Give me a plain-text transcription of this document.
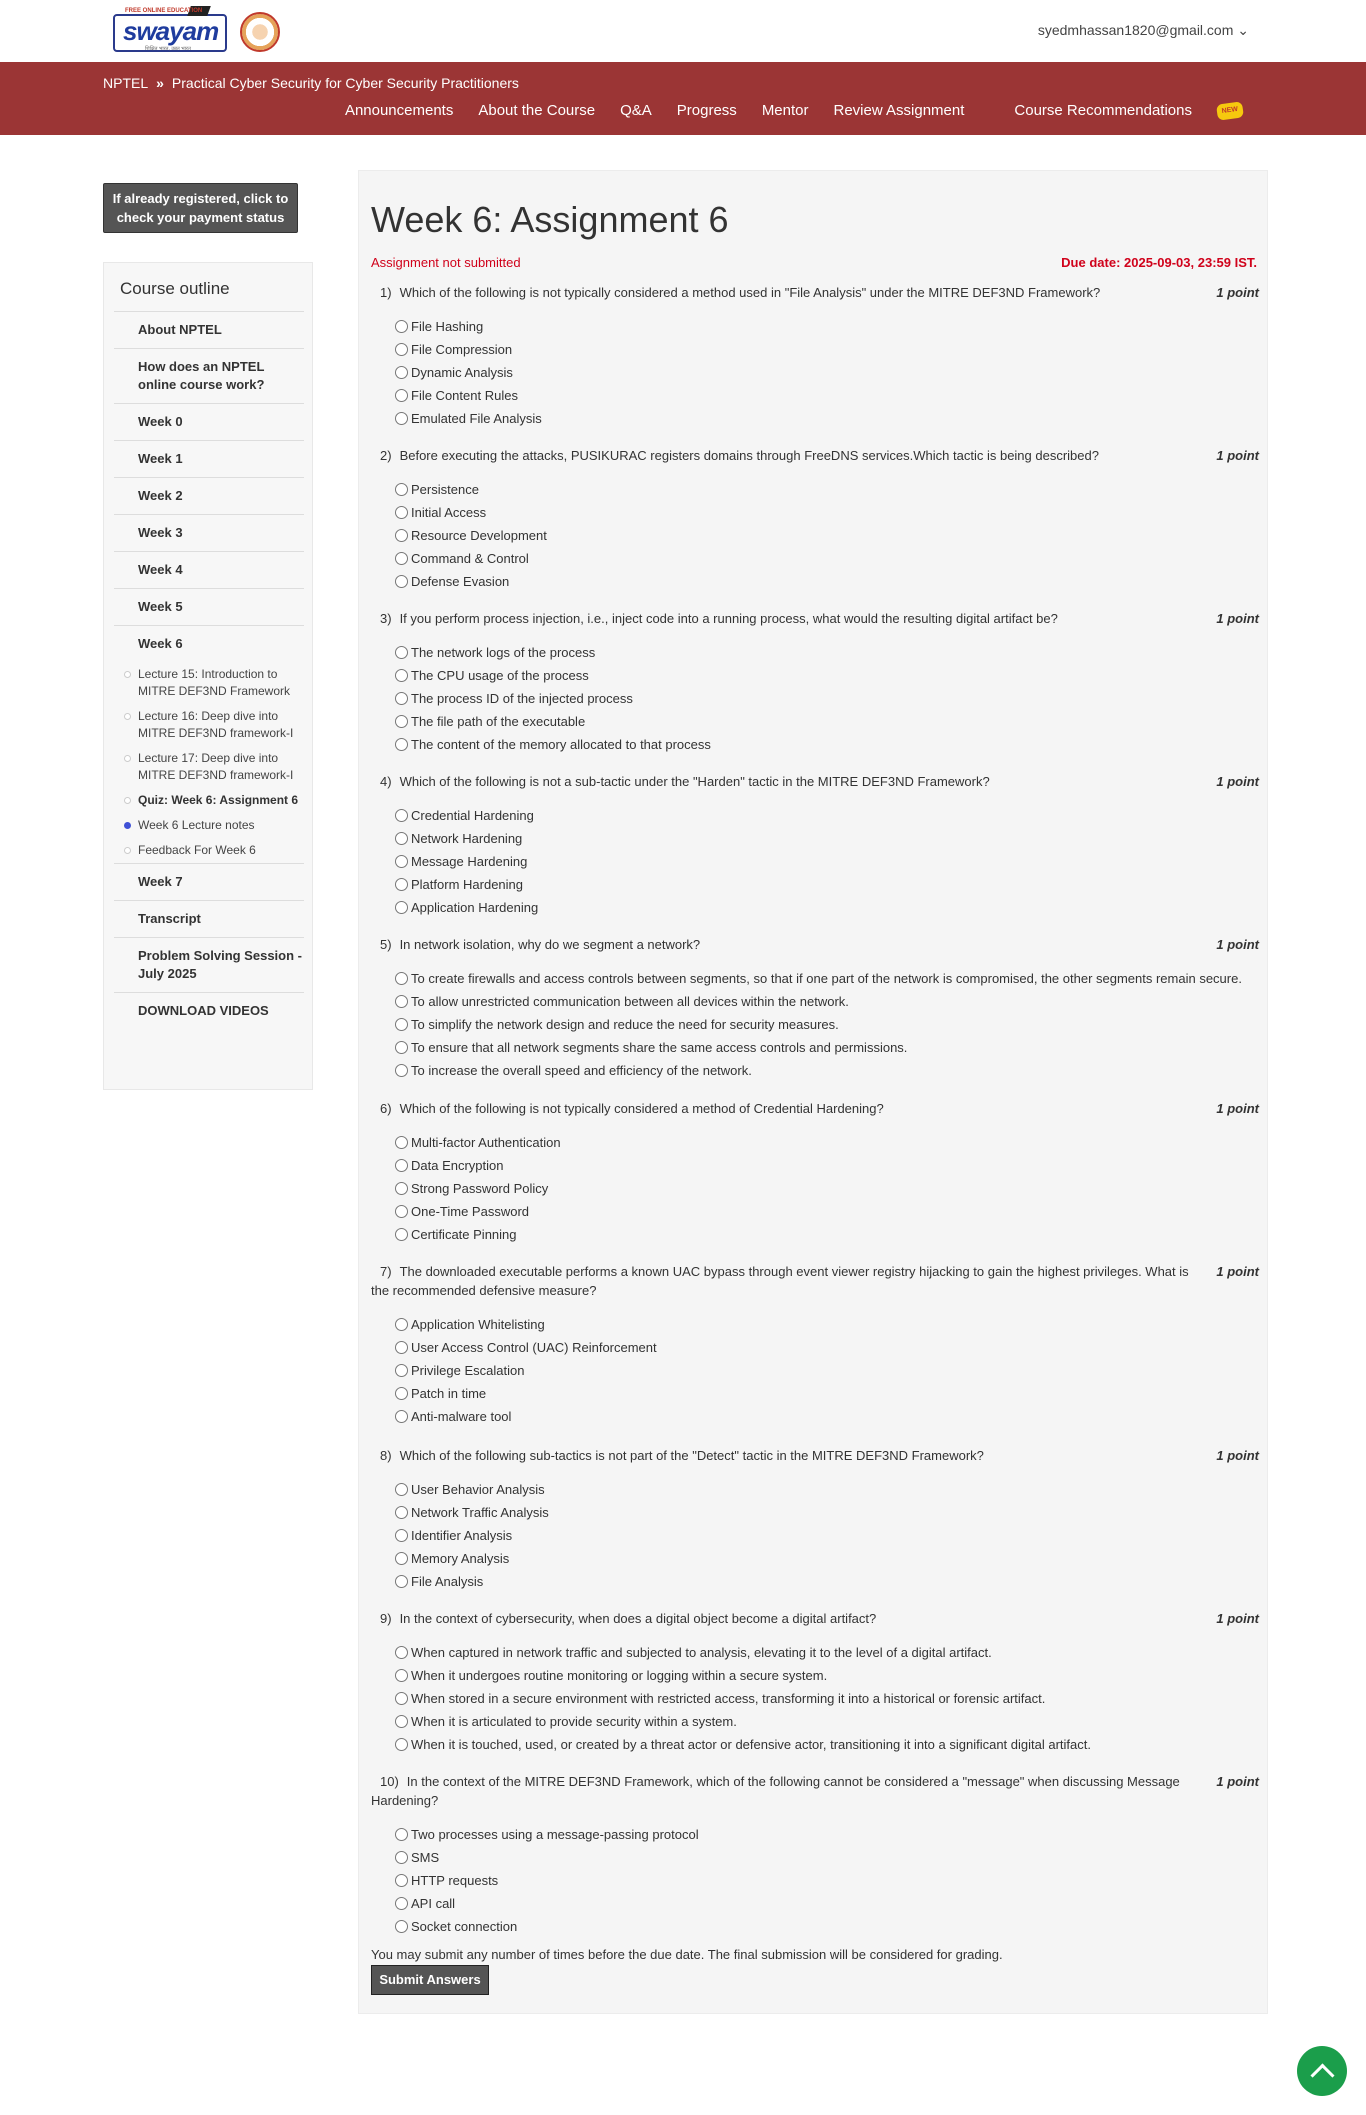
FREE ONLINE EDUCATION
swayam
शिक्षित भारत, उन्नत भारत
syedmhassan1820@gmail.com ⌄
NPTEL » Practical Cyber Security for Cyber Security Practitioners
Announcements About the Course Q&A Progress Mentor Review Assignment	Course Recommendations	NEW
If already registered, click to check your payment status
Course outline
About NPTEL
How does an NPTEL online course work?
Week 0
Week 1
Week 2
Week 3
Week 4
Week 5
Week 6
Lecture 15: Introduction to MITRE DEF3ND Framework
Lecture 16: Deep dive into MITRE DEF3ND framework-I
Lecture 17: Deep dive into MITRE DEF3ND framework-I
Quiz: Week 6: Assignment 6
Week 6 Lecture notes
Feedback For Week 6
Week 7
Transcript
Problem Solving Session - July 2025
DOWNLOAD VIDEOS
Week 6: Assignment 6
Assignment not submitted	Due date: 2025-09-03, 23:59 IST.
1) Which of the following is not typically considered a method used in "File Analysis" under the MITRE DEF3ND Framework?	1 point
File Hashing
File Compression
Dynamic Analysis
File Content Rules
Emulated File Analysis
2) Before executing the attacks, PUSIKURAC registers domains through FreeDNS services.Which tactic is being described?	1 point
Persistence
Initial Access
Resource Development
Command & Control
Defense Evasion
3) If you perform process injection, i.e., inject code into a running process, what would the resulting digital artifact be?	1 point
The network logs of the process
The CPU usage of the process
The process ID of the injected process
The file path of the executable
The content of the memory allocated to that process
4) Which of the following is not a sub-tactic under the "Harden" tactic in the MITRE DEF3ND Framework?	1 point
Credential Hardening
Network Hardening
Message Hardening
Platform Hardening
Application Hardening
5) In network isolation, why do we segment a network?	1 point
To create firewalls and access controls between segments, so that if one part of the network is compromised, the other segments remain secure.
To allow unrestricted communication between all devices within the network.
To simplify the network design and reduce the need for security measures.
To ensure that all network segments share the same access controls and permissions.
To increase the overall speed and efficiency of the network.
6) Which of the following is not typically considered a method of Credential Hardening?	1 point
Multi-factor Authentication
Data Encryption
Strong Password Policy
One-Time Password
Certificate Pinning
7) The downloaded executable performs a known UAC bypass through event viewer registry hijacking to gain the highest privileges. What is the recommended defensive measure?
1 point
Application Whitelisting
User Access Control (UAC) Reinforcement
Privilege Escalation
Patch in time
Anti-malware tool
8) Which of the following sub-tactics is not part of the "Detect" tactic in the MITRE DEF3ND Framework?	1 point
User Behavior Analysis
Network Traffic Analysis
Identifier Analysis
Memory Analysis
File Analysis
9) In the context of cybersecurity, when does a digital object become a digital artifact?	1 point
When captured in network traffic and subjected to analysis, elevating it to the level of a digital artifact.
When it undergoes routine monitoring or logging within a secure system.
When stored in a secure environment with restricted access, transforming it into a historical or forensic artifact.
When it is articulated to provide security within a system.
When it is touched, used, or created by a threat actor or defensive actor, transitioning it into a significant digital artifact.
10) In the context of the MITRE DEF3ND Framework, which of the following cannot be considered a "message" when discussing Message Hardening?
1 point
Two processes using a message-passing protocol
SMS
HTTP requests
API call
Socket connection
You may submit any number of times before the due date. The final submission will be considered for grading.
Submit Answers
